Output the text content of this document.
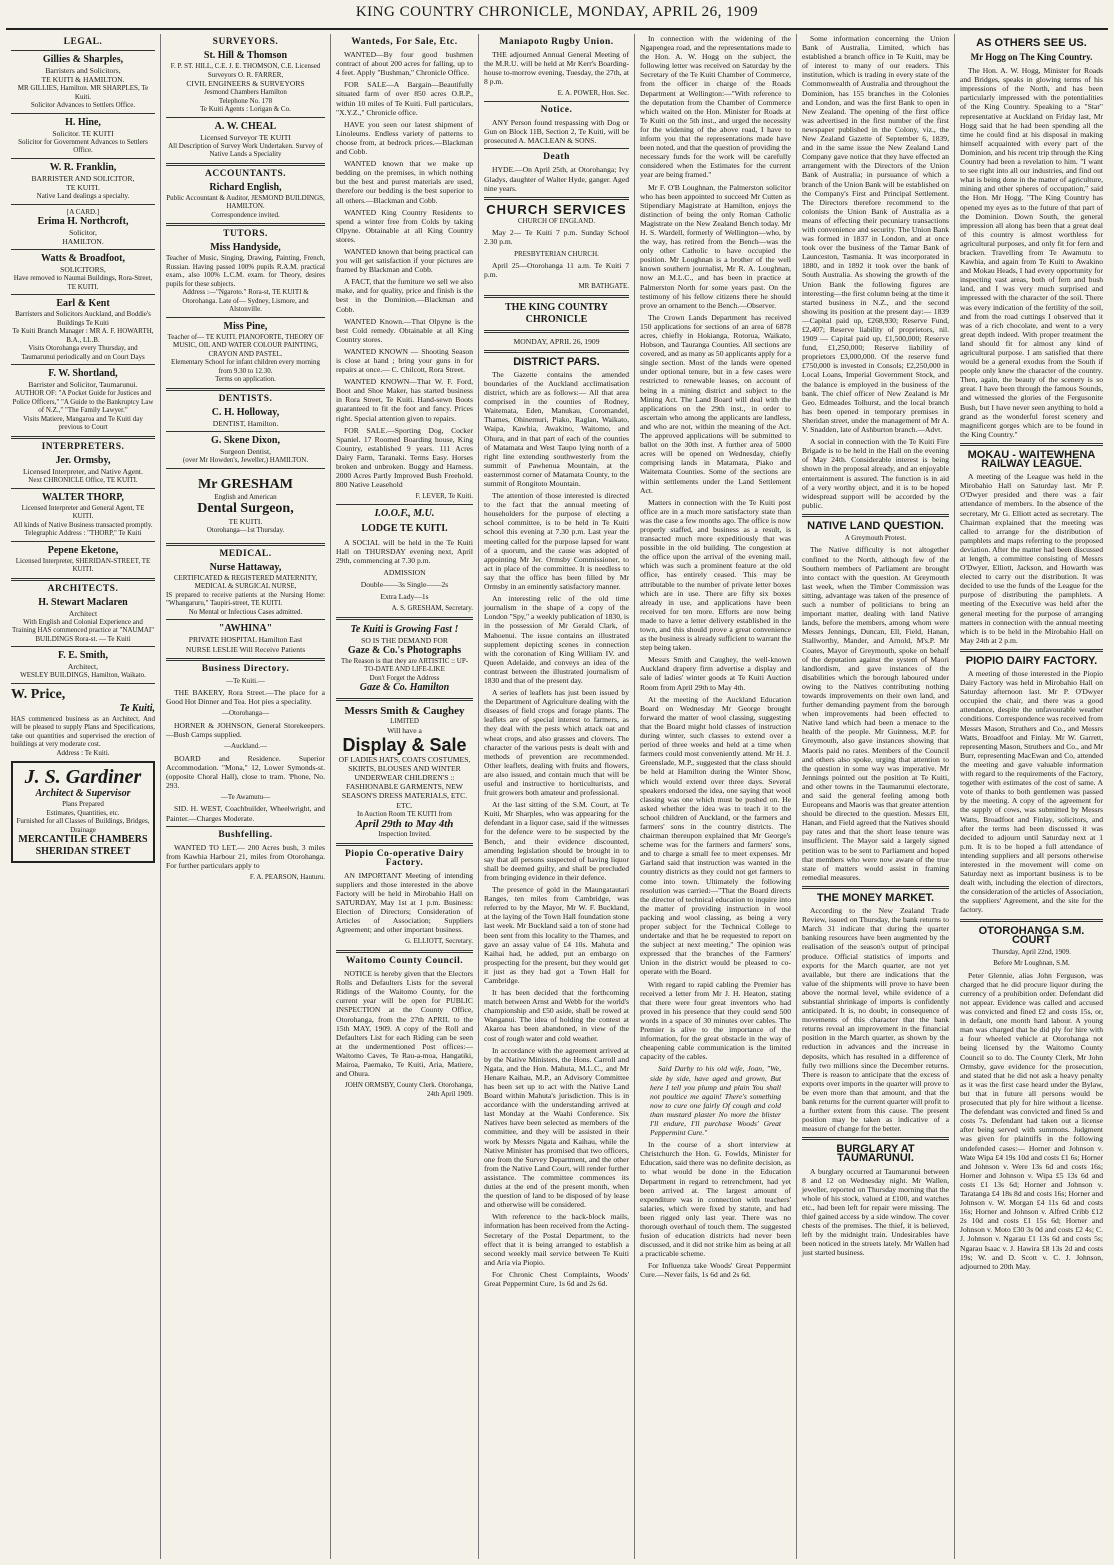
KING COUNTRY CHRONICLE, MONDAY, APRIL 26, 1909
LEGAL.
Gillies & Sharples,
Barristers and Solicitors,
TE KUITI & HAMILTON.
MR GILLIES, Hamilton. MR SHARPLES, Te Kuiti.
Solicitor Advances to Settlers Office.
H. Hine,
Solicitor. TE KUITI
Solicitor for Government Advances to Settlers Office.
W. R. Franklin,
BARRISTER AND SOLICITOR,
TE KUITI.
Native Land dealings a specialty.
[A CARD.]
Erima H. Northcroft,
Solicitor,
HAMILTON.
Watts & Broadfoot,
SOLICITORS,
Have removed to Naumai Buildings, Rora-Street, TE KUITI.
Earl & Kent
Barristers and Solicitors Auckland, and Boddie's Buildings Te Kuiti
Te Kuiti Branch Manager : MR A. F. HOWARTH, B.A., LL.B.
Visits Otorohanga every Thursday, and Taumarunui periodically and on Court Days
F. W. Shortland,
Barrister and Solicitor, Taumarunui.
AUTHOR OF: "A Pocket Guide for Justices and Police Officers," "A Guide to the Bankruptcy Law of N.Z.," "The Family Lawyer."
Visits Matiere, Mangaroa and Te Kuiti day previous to Court
INTERPRETERS.
Jer. Ormsby,
Licensed Interpreter, and Native Agent.
Next CHRONICLE Office, TE KUITI.
WALTER THORP,
Licensed Interpreter and General Agent, TE KUITI.
All kinds of Native Business transacted promptly.
Telegraphic Address : "THORP," Te Kuiti
Pepene Eketone,
Licensed Interpreter, SHERIDAN-STREET, TE KUITI.
ARCHITECTS.
H. Stewart Maclaren
Architect
With English and Colonial Experience and Training HAS commenced practice at "NAUMAI" BUILDINGS Rora-st. — Te Kuiti
F. E. Smith,
Architect,
WESLEY BUILDINGS, Hamilton, Waikato.
W. Price,
Te Kuiti,
HAS commenced business as an Architect, And will be pleased to supply Plans and Specifications, take out quantities and supervised the erection of buildings at very moderate cost.
Address : Te Kuiti.
J. S. Gardiner
Architect & Supervisor
Plans Prepared
Estimates, Quantities, etc.
Furnished for all Classes of Buildings, Bridges, Drainage
MERCANTILE CHAMBERS SHERIDAN STREET
SURVEYORS.
St. Hill & Thomson
F. P. ST. HILL, C.E. J. E. THOMSON, C.E. Licensed Surveyors O. R. FARRER,
CIVIL ENGINEERS & SURVEYORS
Jesmond Chambers Hamilton
Telephone No. 178
Te Kuiti Agents : Lorigan & Co.
A. W. CHEAL
Licensed Surveyor TE KUITI
All Description of Survey Work Undertaken. Survey of Native Lands a Speciality
ACCOUNTANTS.
Richard English,
Public Accountant & Auditor, JESMOND BUILDINGS, HAMILTON.
Correspondence invited.
TUTORS.
Miss Handyside,
Teacher of Music, Singing, Drawing, Painting, French, Russian. Having passed 100% pupils R.A.M. practical exam., also 100% L.C.M. exam. for Theory, desires pupils for these subjects.
Address :—"Ngaroto." Rora-st, TE KUITI & Otorohanga. Late of— Sydney, Lismore, and Alstonville.
Miss Pine,
Teacher of— TE KUITI. PIANOFORTE, THEORY OF MUSIC, OIL AND WATER COLOUR PAINTING, CRAYON AND PASTEL.
Elementary School for infant children every morning from 9.30 to 12.30.
Terms on application.
DENTISTS.
C. H. Holloway,
DENTIST, Hamilton.
G. Skene Dixon,
Surgeon Dentist,
(over Mr Howden's, Jeweller,) HAMILTON.
Mr GRESHAM
English and American
Dental Surgeon,
TE KUITI.
Otorohanga—1st Thursday.
MEDICAL.
Nurse Hattaway,
CERTIFICATED & REGISTERED MATERNITY, MEDICAL & SURGICAL NURSE,
IS prepared to receive patients at the Nursing Home: "Whangaruru," Taupiri-street, TE KUITI.
No Mental or Infectious Cases admitted.
"AWHINA"
PRIVATE HOSPITAL Hamilton East
NURSE LESLIE Will Receive Patients
Business Directory.
—Te Kuiti.—
THE BAKERY, Rora Street.—The place for a Good Hot Dinner and Tea. Hot pies a speciality.
—Otorohanga—
HORNER & JOHNSON, General Storekeepers.—Bush Camps supplied.
—Auckland.—
BOARD and Residence. Superior Accommodation. "Mona," 12, Lower Symonds-st. (opposite Choral Hall), close to tram. 'Phone, No. 293.
—Te Awamutu—
SID. H. WEST, Coachbuilder, Wheelwright, and Painter.—Charges Moderate.
Bushfelling.
WANTED TO LET.— 200 Acres bush, 3 miles from Kawhia Harbour 21, miles from Otorohanga. For further particulars apply to
F. A. PEARSON, Hauturu.
Wanteds, For Sale, Etc.
WANTED—By four good bushmen contract of about 200 acres for falling, up to 4 feet. Apply "Bushman," Chronicle Office.
FOR SALE—A Bargain—Beautifully situated farm of over 850 acres O.R.P., within 10 miles of Te Kuiti. Full particulars, "X.Y.Z.," Chronicle office.
HAVE you seen our latest shipment of Linoleums. Endless variety of patterns to choose from, at bedrock prices.—Blackman and Cobb.
WANTED known that we make up bedding on the premises, in which nothing but the best and purest materials are used, therefore our bedding is the best superior to all others.—Blackman and Cobb.
WANTED King Country Residents to spend a winter free from Colds by taking Olpyne. Obtainable at all King Country stores.
WANTED known that being practical can you will get satisfaction if your pictures are framed by Blackman and Cobb.
A FACT, that the furniture we sell we also make, and for quality, price and finish is the best in the Dominion.—Blackman and Cobb.
WANTED Known.—That Olpyne is the best Cold remedy. Obtainable at all King Country stores.
WANTED KNOWN — Shooting Season is close at hand ; bring your guns in for repairs at once.— C. Chilcott, Rora Street.
WANTED KNOWN—That W. F. Ford, Boot and Shoe Maker, has started business in Rora Street, Te Kuiti. Hand-sewn Boots guaranteed to fit the foot and fancy. Prices right. Special attention given to repairs.
FOR SALE.—Sporting Dog, Cocker Spaniel. 17 Roomed Boarding house, King Country, established 9 years. 111 Acres Dairy Farm, Taranaki. Terms Easy. Horses broken and unbroken. Buggy and Harness. 2000 Acres Partly Improved Bush Freehold. 800 Native Leasehold
F. LEVER, Te Kuiti.
I.O.O.F., M.U.
LODGE TE KUITI.
A SOCIAL will be held in the Te Kuiti Hall on THURSDAY evening next, April 29th, commencing at 7.30 p.m.
ADMISSION
Double——3s Single——2s
Extra Lady—1s
A. S. GRESHAM, Secretary.
Te Kuiti is Growing Fast !
SO IS THE DEMAND FOR
Gaze & Co.'s Photographs
The Reason is that they are ARTISTIC :: UP-TO-DATE AND LIFE-LIKE
Don't Forget the Address
Gaze & Co. Hamilton
Messrs Smith & Caughey
LIMITED
Will have a
Display & Sale
OF LADIES HATS, COATS COSTUMES, SKIRTS, BLOUSES AND WINTER UNDERWEAR CHILDREN'S :: FASHIONABLE GARMENTS, NEW SEASON'S DRESS MATERIALS, ETC. ETC.
In Auction Room TE KUITI from
April 29th to May 4th
Inspection Invited.
Piopio Co-operative Dairy Factory.
AN IMPORTANT Meeting of intending suppliers and those interested in the above Factory will be held in Mirobahio Hall on SATURDAY, May 1st at 1 p.m. Business: Election of Directors; Consideration of Articles of Association; Suppliers Agreement; and other important business.
G. ELLIOTT, Secretary.
Waitomo County Council.
NOTICE is hereby given that the Electors Rolls and Defaulters Lists for the several Ridings of the Waitomo County, for the current year will be open for PUBLIC INSPECTION at the County Office, Otorohanga, from the 27th APRIL to the 15th MAY, 1909. A copy of the Roll and Defaulters List for each Riding can be seen at the undermentioned Post offices:— Waitomo Caves, Te Rau-a-moa, Hangatiki, Mairoa, Paemako, Te Kuiti, Aria, Matiere, and Ohura.
JOHN ORMSBY, County Clerk. Otorohanga, 24th April 1909.
Maniapoto Rugby Union.
THE adjourned Annual General Meeting of the M.R.U. will be held at Mr Kerr's Boarding-house to-morrow evening, Tuesday, the 27th, at 8 p.m.
E. A. POWER, Hon. Sec.
Notice.
ANY Person found trespassing with Dog or Gun on Block 11B, Section 2, Te Kuiti, will be prosecuted A. MACLEAN & SONS.
Death
HYDE.—On April 25th, at Otorohanga; Ivy Gladys, daughter of Walter Hyde, ganger. Aged nine years.
CHURCH SERVICES
CHURCH OF ENGLAND.
May 2— Te Kuiti 7 p.m. Sunday School 2.30 p.m.
PRESBYTERIAN CHURCH.
April 25—Otorohanga 11 a.m. Te Kuiti 7 p.m.
MR BATHGATE.
THE KING COUNTRY CHRONICLE
MONDAY, APRIL 26, 1909
DISTRICT PARS.
The Gazette contains the amended boundaries of the Auckland acclimatisation district, which are as follows:— All that area comprised in the counties of Rodney, Waitemata, Eden, Manukau, Coromandel, Thames, Ohinemuri, Piako, Raglan, Waikato, Waipa, Kawhia, Awakino, Waitomo, and Ohura, and in that part of each of the counties of Matamata and West Taupo lying north of a right line extending southwesterly from the summit of Pawhenua Mountain, at the easternmost corner of Matamata County, to the summit of Rongitoto Mountain.
The attention of those interested is directed to the fact that the annual meeting of householders for the purpose of electing a school committee, is to be held in Te Kuiti school this evening at 7.30 p.m. Last year the meeting called for the purpose lapsed for want of a quorum, and the cause was adopted of appointing Mr Jer. Ormsby Commissioner, to act in place of the committee. It is needless to say that the office has been filled by Mr Ormsby in an eminently satisfactory manner.
An interesting relic of the old time journalism in the shape of a copy of the London "Spy," a weekly publication of 1830, is in the possession of Mr Gerald Clark, of Mahoenui. The issue contains an illustrated supplement depicting scenes in connection with the coronation of King William IV. and Queen Adelaide, and conveys an idea of the contrast between the illustrated journalism of 1830 and that of the present day.
A series of leaflets has just been issued by the Department of Agriculture dealing with the diseases of field crops and forage plants. The leaflets are of special interest to farmers, as they deal with the pests which attack oat and wheat crops, and also grasses and clovers. The character of the various pests is dealt with and methods of prevention are recommended. Other leaflets, dealing with fruits and flowers, are also issued, and contain much that will be useful and instructive to horticulturists, and fruit growers both amateur and professional.
At the last sitting of the S.M. Court, at Te Kuiti, Mr Sharples, who was appearing for the defendant in a liquor case, said if the witnesses for the defence were to be suspected by the Bench, and their evidence discounted, amending legislation should be brought in to say that all persons suspected of having liquor shall be deemed guilty, and shall be precluded from bringing evidence in their defence.
The presence of gold in the Maungatautari Ranges, ten miles from Cambridge, was referred to by the Mayor, Mr W. F. Buckland, at the laying of the Town Hall foundation stone last week. Mr Buckland said a ton of stone had been sent from this locality to the Thames, and gave an assay value of £4 10s. Mahuta and Kaihai had, he added, put an embargo on prospecting for the present, but they would get it just as they had got a Town Hall for Cambridge.
It has been decided that the forthcoming match between Arnst and Webb for the world's championship and £50 aside, shall be rowed at Wanganui. The idea of holding the contest at Akaroa has been abandoned, in view of the cost of rough water and cold weather.
In accordance with the agreement arrived at by the Native Ministers, the Hons. Carroll and Ngata, and the Hon. Mahuta, M.L.C., and Mr Henare Kaihau, M.P., an Advisory Committee has been set up to act with the Native Land Board within Mahuta's jurisdiction. This is in accordance with the understanding arrived at last Monday at the Waahi Conference. Six Natives have been selected as members of the committee, and they will be assisted in their work by Messrs Ngata and Kaihau, while the Native Minister has promised that two officers, one from the Survey Department, and the other from the Native Land Court, will render further assistance. The committee commences its duties at the end of the present month, when the question of land to be disposed of by lease and otherwise will be considered.
With reference to the back-block mails, information has been received from the Acting-Secretary of the Postal Department, to the effect that it is being arranged to establish a second weekly mail service between Te Kuiti and Aria via Piopio.
For Chronic Chest Complaints, Woods' Great Peppermint Cure, 1s 6d and 2s 6d.
In connection with the widening of the Ngapengea road, and the representations made to the Hon. A. W. Hogg on the subject, the following letter was received on Saturday by the Secretary of the Te Kuiti Chamber of Commerce, from the officer in charge of the Roads Department at Wellington:—"With reference to the deputation from the Chamber of Commerce which waited on the Hon. Minister for Roads at Te Kuiti on the 5th inst., and urged the necessity for the widening of the above road, I have to inform you that the representations made have been noted, and that the question of providing the necessary funds for the work will be carefully considered when the Estimates for the current year are being framed."
Mr F. O'B Loughnan, the Palmerston solicitor who has been appointed to succeed Mr Cutten as Stipendiary Magistrate at Hamilton, enjoys the distinction of being the only Roman Catholic Magistrate on the New Zealand Bench today. Mr H. S. Wardell, formerly of Wellington—who, by the way, has retired from the Bench—was the only other Catholic to have occupied the position. Mr Loughnan is a brother of the well known southern journalist, Mr R. A. Loughnan, now an M.L.C., and has been in practice at Palmerston North for some years past. On the testimony of his fellow citizens there he should prove an ornament to the Bench.—Observer.
The Crown Lands Department has received 150 applications for sections of an area of 6878 acres, chiefly in Hokianga, Rotorua, Waikato, Hobson, and Tauranga Counties. All sections are covered, and as many as 50 applicants apply for a single section. Most of the lands were opened under optional tenure, but in a few cases were restricted to renewable leases, on account of being in a mining district and subject to the Mining Act. The Land Board will deal with the applications on the 29th inst., in order to ascertain who among the applicants are landless, and who are not, within the meaning of the Act. The approved applications will be submitted to ballot on the 30th inst. A further area of 5000 acres will be opened on Wednesday, chiefly comprising lands in Matamata, Piako and Waitemata Counties. Some of the sections are within settlements under the Land Settlement Act.
Matters in connection with the Te Kuiti post office are in a much more satisfactory state than was the case a few months ago. The office is now properly staffed, and business as a result, is transacted much more expeditiously that was possible in the old building. The congestion at the office upon the arrival of the evening mail, which was such a prominent feature at the old office, has entirely ceased. This may be attributable to the number of private letter boxes which are in use. There are fifty six boxes already in use, and applications have been received for ten more. Efforts are now being made to have a letter delivery established in the town, and this should prove a great convenience as the business is already sufficient to warrant the step being taken.
Messrs Smith and Caughey, the well-known Auckland drapery firm advertise a display and sale of ladies' winter goods at Te Kuiti Auction Room from April 29th to May 4th.
At the meeting of the Auckland Education Board on Wednesday Mr George brought forward the matter of wool classing, suggesting that the Board might hold classes of instruction during winter, such classes to extend over a period of three weeks and held at a time when farmers could most conveniently attend. Mr H. J. Greenslade, M.P., suggested that the class should be held at Hamilton during the Winter Show, which would extend over three days. Several speakers endorsed the idea, one saying that wool classing was one which must be pushed on. He asked whether the idea was to teach it to the school children of Auckland, or the farmers and farmers' sons in the country districts. The chairman thereupon explained that Mr George's scheme was for the farmers and farmers' sons, and to charge a small fee to meet expenses. Mr Garland said that instruction was wanted in the country districts as they could not get farmers to come into town. Ultimately the following resolution was carried:—"That the Board directs the director of technical education to inquire into the matter of providing instruction in wool packing and wool classing, as being a very proper subject for the Technical College to undertake and that he be requested to report on the subject at next meeting." The opinion was expressed that the branches of the Farmers' Union in the district would be pleased to co-operate with the Board.
With regard to rapid cabling the Premier has received a letter from Mr J. H. Heaton, stating that there were four great inventors who had proved in his presence that they could send 500 words in a space of 30 minutes over cables. The Premier is alive to the importance of the information, for the great obstacle in the way of cheapening cable communication is the limited capacity of the cables.
Said Darby to his old wife, Joan, "We, side by side, have aged and grown, But here I tell you plump and plain You shall not poultice me again! There's something now to cure one fairly Of cough and cold than mustard plaster No more the blister I'll endure, I'll purchase Woods' Great Peppermint Cure."
In the course of a short interview at Christchurch the Hon. G. Fowlds, Minister for Education, said there was no definite decision, as to what would be done in the Education Department in regard to retrenchment, had yet been arrived at. The largest amount of expenditure was in connection with teachers' salaries, which were fixed by statute, and had been rigged only last year. There was no thorough overhaul of touch them. The suggested fusion of education districts had never been discussed, and it did not strike him as being at all a practicable scheme.
For Influenza take Woods' Great Peppermint Cure.—Never fails, 1s 6d and 2s 6d.
Some information concerning the Union Bank of Australia, Limited, which has established a branch office in Te Kuiti, may be of interest to many of our readers. This institution, which is trading in every state of the Commonwealth of Australia and throughout the Dominion, has 155 branches in the Colonies and London, and was the first Bank to open in New Zealand. The opening of the first office was advertised in the first number of the first newspaper published in the Colony, viz., the New Zealand Gazette of September 6, 1839, and in the same issue the New Zealand Land Company gave notice that they have effected an arrangement with the Directors of the Union Bank of Australia; in pursuance of which a branch of the Union Bank will be established on the Company's First and Principal Settlement. The Directors therefore recommend to the colonists the Union Bank of Australia as a means of effecting their pecuniary transactions with convenience and security. The Union Bank was formed in 1837 in London, and at once took over the business of the Tamar Bank of Launceston, Tasmania. It was incorporated in 1880, and in 1892 it took over the bank of South Australia. As showing the growth of the Union Bank the following figures are interesting—the first column being at the time it started business in N.Z., and the second showing its position at the present day:— 1839—Capital paid up, £268,930; Reserve Fund, £2,407; Reserve liability of proprietors, nil. 1909 — Capital paid up, £1,500,000; Reserve fund, £1,250,000; Reserve liability of proprietors £3,000,000. Of the reserve fund £750,000 is invested in Consols; £2,250,000 in Local Loans, Imperial Government Stock, and the balance is employed in the business of the bank. The chief officer of New Zealand is Mr Geo. Edmeades Tolhurst, and the local branch has been opened in temporary premises in Sheridan street, under the management of Mr A. V. Snadden, late of Ashburton branch.—Advt.
A social in connection with the Te Kuiti Fire Brigade is to be held in the Hall on the evening of May 24th. Considerable interest is being shown in the proposal already, and an enjoyable entertainment is assured. The function is in aid of a very worthy object, and it is to be hoped widespread support will be accorded by the public.
NATIVE LAND QUESTION.
A Greymouth Protest.
The Native difficulty is not altogether confined to the North, although few of the Southern members of Parliament are brought into contact with the question. At Greymouth last week, when the Timber Commission was sitting, advantage was taken of the presence of such a number of politicians to bring an important matter, dealing with land Native lands, before the members, among whom were Messrs Jennings, Duncan, Ell, Field, Hanan, Stallworthy, Mander, and Arnold, M's.P. Mr Coates, Mayor of Greymouth, spoke on behalf of the deputation against the system of Maori landlordism, and gave instances of the disabilities which the borough laboured under owing to the Natives contributing nothing towards improvements on their own land, and further demanding payment from the borough when improvements had been effected to Native land which had been a menace to the health of the people. Mr Guinness, M.P. for Greymouth, also gave instances showing that Maoris paid no rates. Members of the Council and others also spoke, urging that attention to the question in some way was imperative. Mr Jennings pointed out the position at Te Kuiti, and other towns in the Taumarunui electorate, and said the general feeling among both Europeans and Maoris was that greater attention should be directed to the question. Messrs Ell, Hanan, and Field agreed that the Natives should pay rates and that the short lease tenure was insufficient. The Mayor said a largely signed petition was to be sent to Parliament and hoped that members who were now aware of the true state of matters would assist in framing remedial measures.
THE MONEY MARKET.
According to the New Zealand Trade Review, issued on Thursday, the bank returns to March 31 indicate that during the quarter banking resources have been augmented by the realisation of the season's output of principal produce. Official statistics of imports and exports for the March quarter, are not yet available, but there are indications that the value of the shipments will prove to have been above the normal level, while evidence of a substantial shrinkage of imports is confidently anticipated. It is, no doubt, in consequence of movements of this character that the bank returns reveal an improvement in the financial position in the March quarter, as shown by the reduction in advances and the increase in deposits, which has resulted in a difference of fully two millions since the December returns. There is reason to anticipate that the excess of exports over imports in the quarter will prove to be even more than that amount, and that the bank returns for the current quarter will profit to a further extent from this cause. The present position may be taken as indicative of a measure of change for the better.
BURGLARY AT TAUMARUNUI.
A burglary occurred at Taumarunui between 8 and 12 on Wednesday night. Mr Wallen, jeweller, reported on Thursday morning that the whole of his stock, valued at £100, and watches etc., had been left for repair were missing. The thief gained access by a side window. The cover chests of the premises. The thief, it is believed, left by the midnight train. Undesirables have been noticed in the streets lately. Mr Wallen had just started business.
AS OTHERS SEE US.
Mr Hogg on The King Country.
The Hon. A. W. Hogg, Minister for Roads and Bridges, speaks in glowing terms of his impressions of the North, and has been particularly impressed with the potentialities of the King Country. Speaking to a "Star" representative at Auckland on Friday last, Mr Hogg said that he had been spending all the time he could find at his disposal in making himself acquainted with every part of the Dominion, and his recent trip through the King Country had been a revelation to him. "I want to see right into all our industries, and find out what is being done in the matter of agriculture, mining and other spheres of occupation," said the Hon. Mr Hogg. "The King Country has opened my eyes as to the future of that part of the Dominion. Down South, the general impression all along has been that a great deal of this country is almost worthless for agricultural purposes, and only fit for fern and bracken. Travelling from Te Awamutu to Kawhia, and again from Te Kuiti to Awakino and Mokau Heads, I had every opportunity for inspecting vast areas, both of fern and bush land, and I was very much surprised and impressed with the character of the soil. There was every indication of the fertility of the soil, and from the road cuttings I observed that it was of a rich chocolate, and went to a very great depth indeed. With proper treatment the land should fit for almost any kind of agricultural purpose. I am satisfied that there would be a general exodus from the South if people only knew the character of the country. Then, again, the beauty of the scenery is so great. I have been through the famous Sounds, and witnessed the glories of the Fergusonite Bush, but I have never seen anything to hold a grand as the wonderful forest scenery and magnificent gorges which are to be found in the King Country."
MOKAU - WAITEWHENA RAILWAY LEAGUE.
A meeting of the League was held in the Mirobahio Hall on Saturday last. Mr P. O'Dwyer presided and there was a fair attendance of members. In the absence of the secretary, Mr G. Elliott acted as secretary. The Chairman explained that the meeting was called to arrange for the distribution of pamphlets and maps referring to the proposed deviation. After the matter had been discussed at length, a committee consisting of Messrs O'Dwyer, Elliott, Jackson, and Howarth was elected to carry out the distribution. It was decided to use the funds of the League for the purpose of distributing the pamphlets. A meeting of the Executive was held after the general meeting for the purpose of arranging matters in connection with the annual meeting which is to be held in the Mirobahio Hall on May 24th at 2 p.m.
PIOPIO DAIRY FACTORY.
A meeting of those interested in the Piopio Dairy Factory was held in Mirobahio Hall on Saturday afternoon last. Mr P. O'Dwyer occupied the chair, and there was a good attendance, despite the unfavourable weather conditions. Correspondence was received from Messrs Mason, Struthers and Co., and Messrs Watts, Broadfoot and Finlay. Mr W. Garrett, representing Mason, Struthers and Co., and Mr Burr, representing MacEwan and Co, attended the meeting and gave valuable information with regard to the requirements of the Factory, together with estimates of the cost of same. A vote of thanks to both gentlemen was passed by the meeting. A copy of the agreement for the supply of cows, was submitted by Messrs Watts, Broadfoot and Finlay, solicitors, and after the terms had been discussed it was decided to adjourn until Saturday next at 1 p.m. It is to be hoped a full attendance of intending suppliers and all persons otherwise interested in the movement will come on Saturday next as important business is to be dealt with, including the election of directors, the consideration of the articles of Association, the suppliers' Agreement, and the site for the factory.
OTOROHANGA S.M. COURT
Thursday, April 22nd, 1909.
Before Mr Loughnan, S.M.
Peter Glennie, alias John Ferguson, was charged that he did procure liquor during the currency of a prohibition order. Defendant did not appear. Evidence was called and accused was convicted and fined £2 and costs 15s, or, in default, one month hard labour. A young man was charged that he did ply for hire with a four wheeled vehicle at Otorohanga not being licensed by the Waitomo County Council so to do. The County Clerk, Mr John Ormsby, gave evidence for the prosecution, and stated that he did not ask a heavy penalty as it was the first case heard under the Bylaw, but that in future all persons would be prosecuted that ply for hire without a license. The defendant was convicted and fined 5s and costs 7s. Defendant had taken out a license after being served with summons. Judgment was given for plaintiffs in the following undefended cases:— Horner and Johnson v. Wate Wipa £4 19s 10d and costs £1 6s; Horner and Johnson v. Were 13s 6d and costs 16s; Horner and Johnson v. Wipa £5 13s 6d and costs £1 13s 6d; Horner and Johnson v. Taratanga £4 18s 8d and costs 16s; Horner and Johnson v. W. Morgan £4 11s 6d and costs 16s; Horner and Johnson v. Alfred Cribb £12 2s 10d and costs £1 15s 6d; Horner and Johnson v. Moto £30 3s 0d and costs £2 4s; C. J. Johnson v. Ngarau £1 13s 6d and costs 5s; Ngarau Isaac v. J. Hawira £8 13s 2d and costs 19s; W. and D. Scott v. C. J. Johnson, adjourned to 20th May.
